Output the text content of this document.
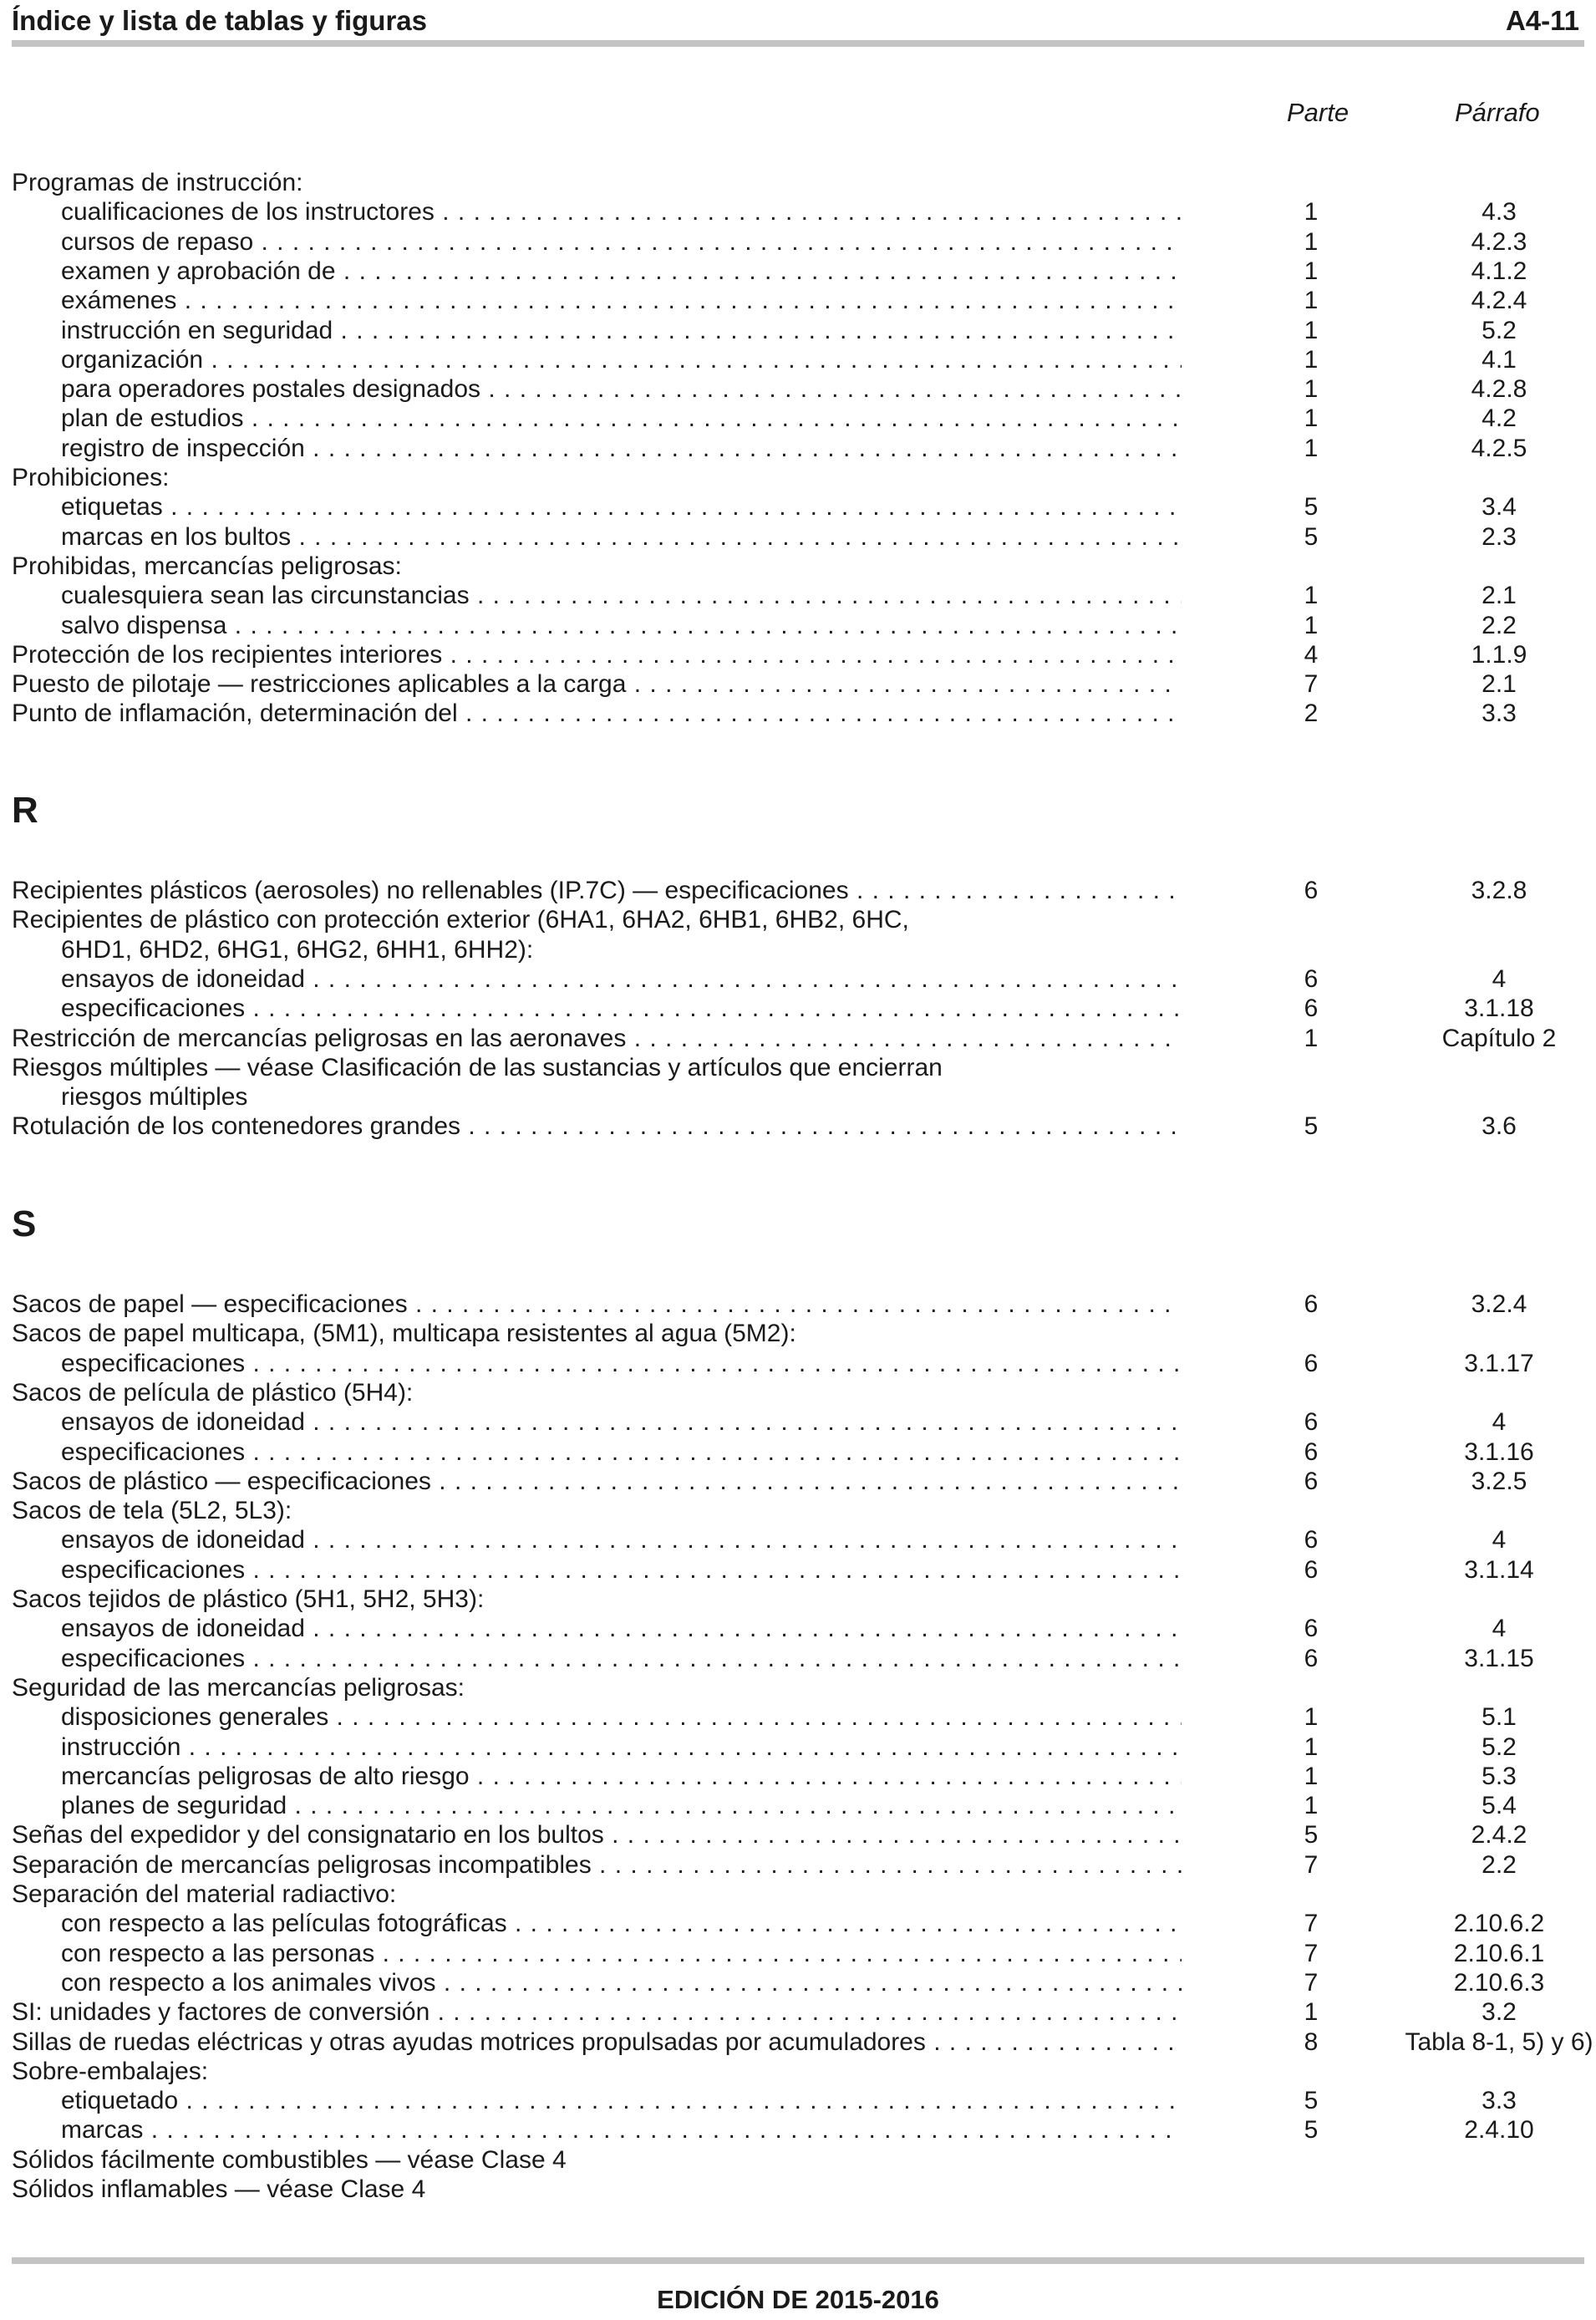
Índice y lista de tablas y figuras	A4-11
Parte	Párrafo
Programas de instrucción:
cualificaciones de los instructores . . .	1	4.3
cursos de repaso . . .	1	4.2.3
examen y aprobación de . . .	1	4.1.2
exámenes . . .	1	4.2.4
instrucción en seguridad . . .	1	5.2
organización . . .	1	4.1
para operadores postales designados . . .	1	4.2.8
plan de estudios . . .	1	4.2
registro de inspección . . .	1	4.2.5
Prohibiciones:
etiquetas . . .	5	3.4
marcas en los bultos . . .	5	2.3
Prohibidas, mercancías peligrosas:
cualesquiera sean las circunstancias . . .	1	2.1
salvo dispensa . . .	1	2.2
Protección de los recipientes interiores . . .	4	1.1.9
Puesto de pilotaje — restricciones aplicables a la carga . . .	7	2.1
Punto de inflamación, determinación del . . .	2	3.3
R
Recipientes plásticos (aerosoles) no rellenables (IP.7C) — especificaciones . . .	6	3.2.8
Recipientes de plástico con protección exterior (6HA1, 6HA2, 6HB1, 6HB2, 6HC,
6HD1, 6HD2, 6HG1, 6HG2, 6HH1, 6HH2):
ensayos de idoneidad . . .	6	4
especificaciones . . .	6	3.1.18
Restricción de mercancías peligrosas en las aeronaves . . .	1	Capítulo 2
Riesgos múltiples — véase Clasificación de las sustancias y artículos que encierran
riesgos múltiples
Rotulación de los contenedores grandes . . .	5	3.6
S
Sacos de papel — especificaciones . . .	6	3.2.4
Sacos de papel multicapa, (5M1), multicapa resistentes al agua (5M2):
especificaciones . . .	6	3.1.17
Sacos de película de plástico (5H4):
ensayos de idoneidad . . .	6	4
especificaciones . . .	6	3.1.16
Sacos de plástico — especificaciones . . .	6	3.2.5
Sacos de tela (5L2, 5L3):
ensayos de idoneidad . . .	6	4
especificaciones . . .	6	3.1.14
Sacos tejidos de plástico (5H1, 5H2, 5H3):
ensayos de idoneidad . . .	6	4
especificaciones . . .	6	3.1.15
Seguridad de las mercancías peligrosas:
disposiciones generales . . .	1	5.1
instrucción . . .	1	5.2
mercancías peligrosas de alto riesgo . . .	1	5.3
planes de seguridad . . .	1	5.4
Señas del expedidor y del consignatario en los bultos . . .	5	2.4.2
Separación de mercancías peligrosas incompatibles . . .	7	2.2
Separación del material radiactivo:
con respecto a las películas fotográficas . . .	7	2.10.6.2
con respecto a las personas . . .	7	2.10.6.1
con respecto a los animales vivos . . .	7	2.10.6.3
SI: unidades y factores de conversión . . .	1	3.2
Sillas de ruedas eléctricas y otras ayudas motrices propulsadas por acumuladores . . .	8	Tabla 8-1, 5) y 6)
Sobre-embalajes:
etiquetado . . .	5	3.3
marcas . . .	5	2.4.10
Sólidos fácilmente combustibles — véase Clase 4
Sólidos inflamables — véase Clase 4
EDICIÓN DE 2015-2016
